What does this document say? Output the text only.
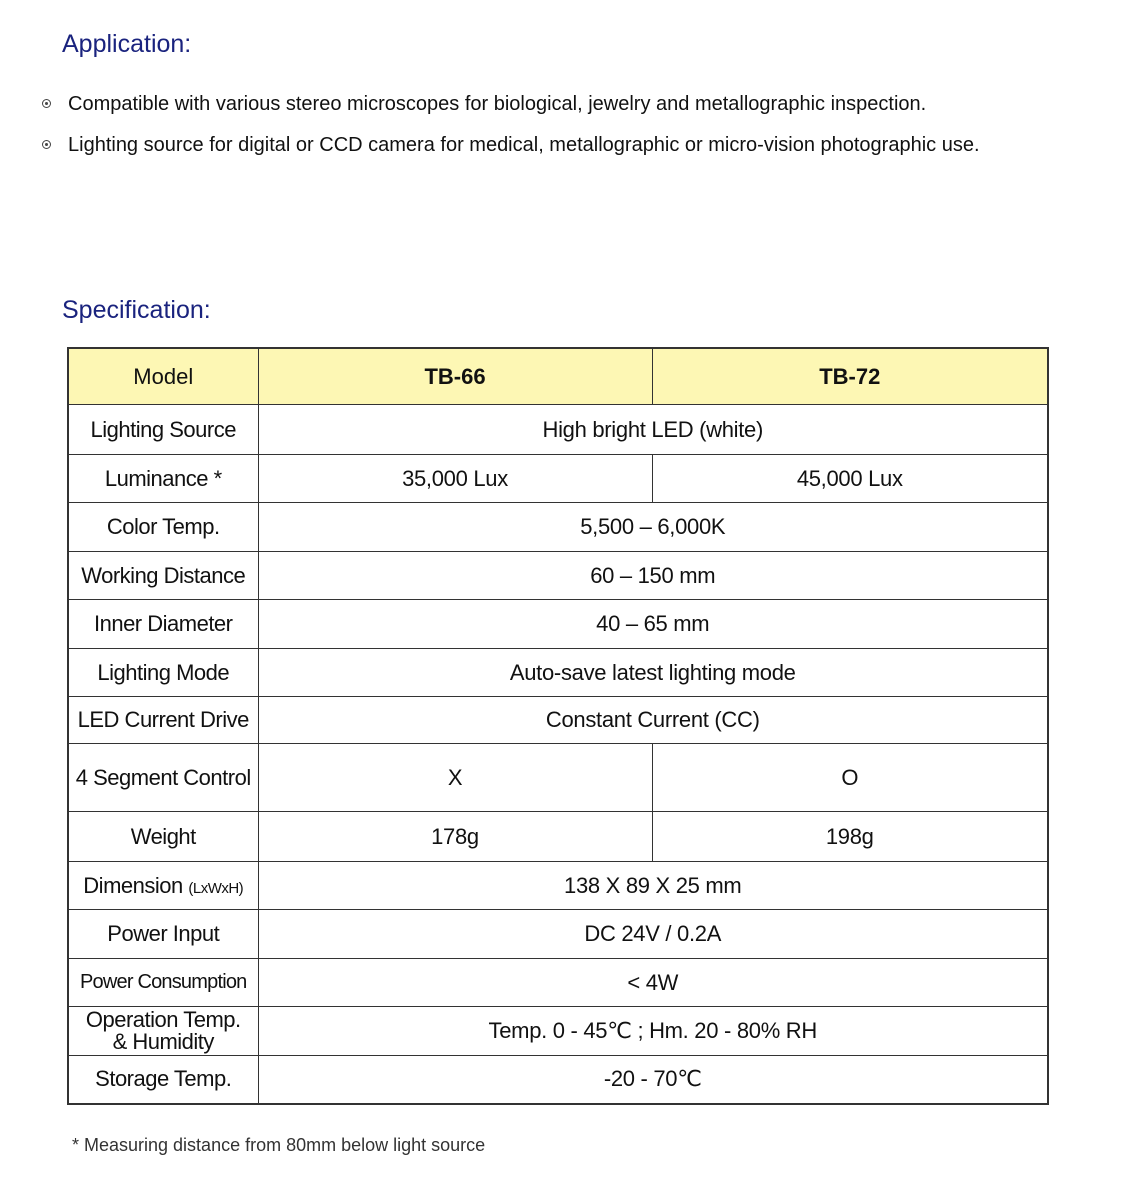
Application:
Compatible with various stereo microscopes for biological, jewelry and metallographic inspection.
Lighting source for digital or CCD camera for medical, metallographic or micro-vision photographic use.
Specification:
Model	TB-66	TB-72
Lighting Source	High bright LED (white)	
Luminance *	35,000 Lux	45,000 Lux
Color Temp.	5,500 – 6,000K	
Working Distance	60 – 150 mm	
Inner Diameter	40 – 65 mm	
Lighting Mode	Auto-save latest lighting mode	
LED Current Drive	Constant Current (CC)	
4 Segment Control	X	O
Weight	178g	198g
Dimension (LxWxH)	138 X 89 X 25 mm	
Power Input	DC 24V / 0.2A	
Power Consumption	< 4W	
Operation Temp.
& Humidity	Temp. 0 - 45℃ ; Hm. 20 - 80% RH	
Storage Temp.	-20 - 70℃	

* Measuring distance from 80mm below light source
